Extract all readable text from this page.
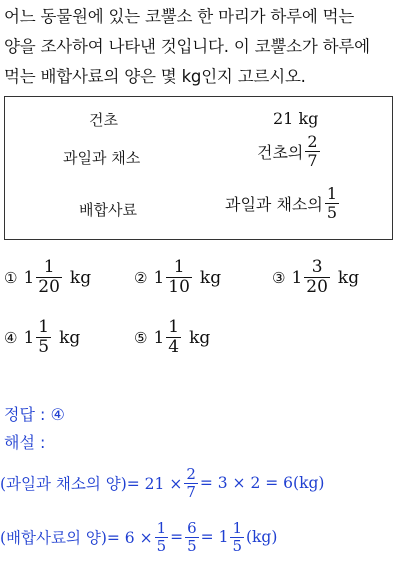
어느 동물원에 있는 코뿔소 한 마리가 하루에 먹는
양을 조사하여 나타낸 것입니다. 이 코뿔소가 하루에
먹는 배합사료의 양은 몇 kg인지 고르시오.
건초	21 kg
과일과 채소	건초의 $\frac{2}{7}$
배합사료	과일과 채소의 $\frac{1}{5}$
① $1 \frac{1}{20}$ kg	② $1 \frac{1}{10}$ kg	③ $1 \frac{3}{20}$ kg
④ $1 \frac{1}{5}$ kg	⑤ $1 \frac{1}{4}$ kg
정답 : ④
해설 :
(과일과 채소의 양)= $21 \times \frac{2}{7} = 3 \times 2 = 6(kg)$
(배합사료의 양)= $6 \times \frac{1}{5} = \frac{6}{5} = 1 \frac{1}{5} (kg)$
